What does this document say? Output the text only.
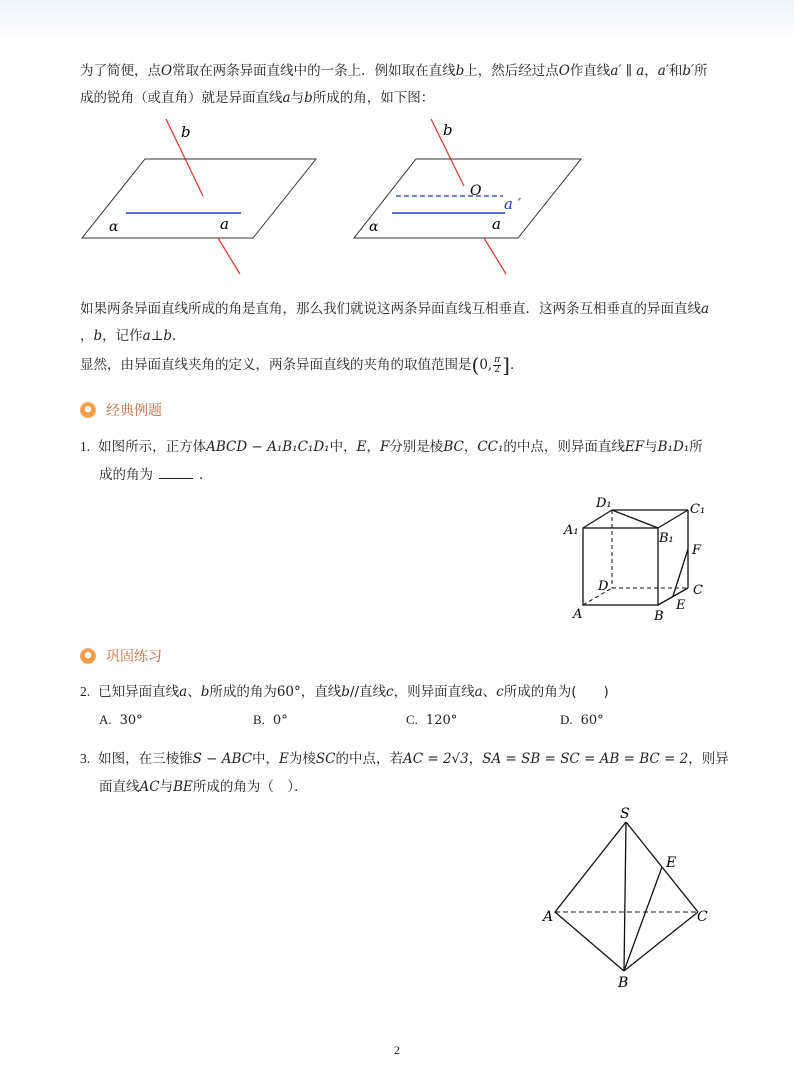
为了简便，点O常取在两条异面直线中的一条上．例如取在直线b上，然后经过点O作直线a′ ∥ a，a′和b′所
成的锐角（或直角）就是异面直线a与b所成的角，如下图：
b
α	a
b
O
a ′
α	a
如果两条异面直线所成的角是直角，那么我们就说这两条异面直线互相垂直．这两条互相垂直的异面直线a
，b，记作a⊥b．
显然，由异面直线夹角的定义，两条异面直线的夹角的取值范围是(0, $\frac{\pi}{2}$ ]．
经典例题
1. 如图所示，正方体ABCD − A₁B₁C₁D₁中，E，F分别是棱BC，CC₁的中点，则异面直线EF与B₁D₁所
成的角为	．
D₁	C₁
A₁
B₁
F
D	C
E
A	B
巩固练习
2. 已知异面直线a、b所成的角为60°，直线b//直线c，则异面直线a、c所成的角为(　　)
A. 30°	B. 0°	C. 120°	D. 60°
3. 如图，在三棱锥S − ABC中，E为棱SC的中点，若AC = 2√3，SA = SB = SC = AB = BC = 2，则异
面直线AC与BE所成的角为（　）．
S
E
A	C
B
2
